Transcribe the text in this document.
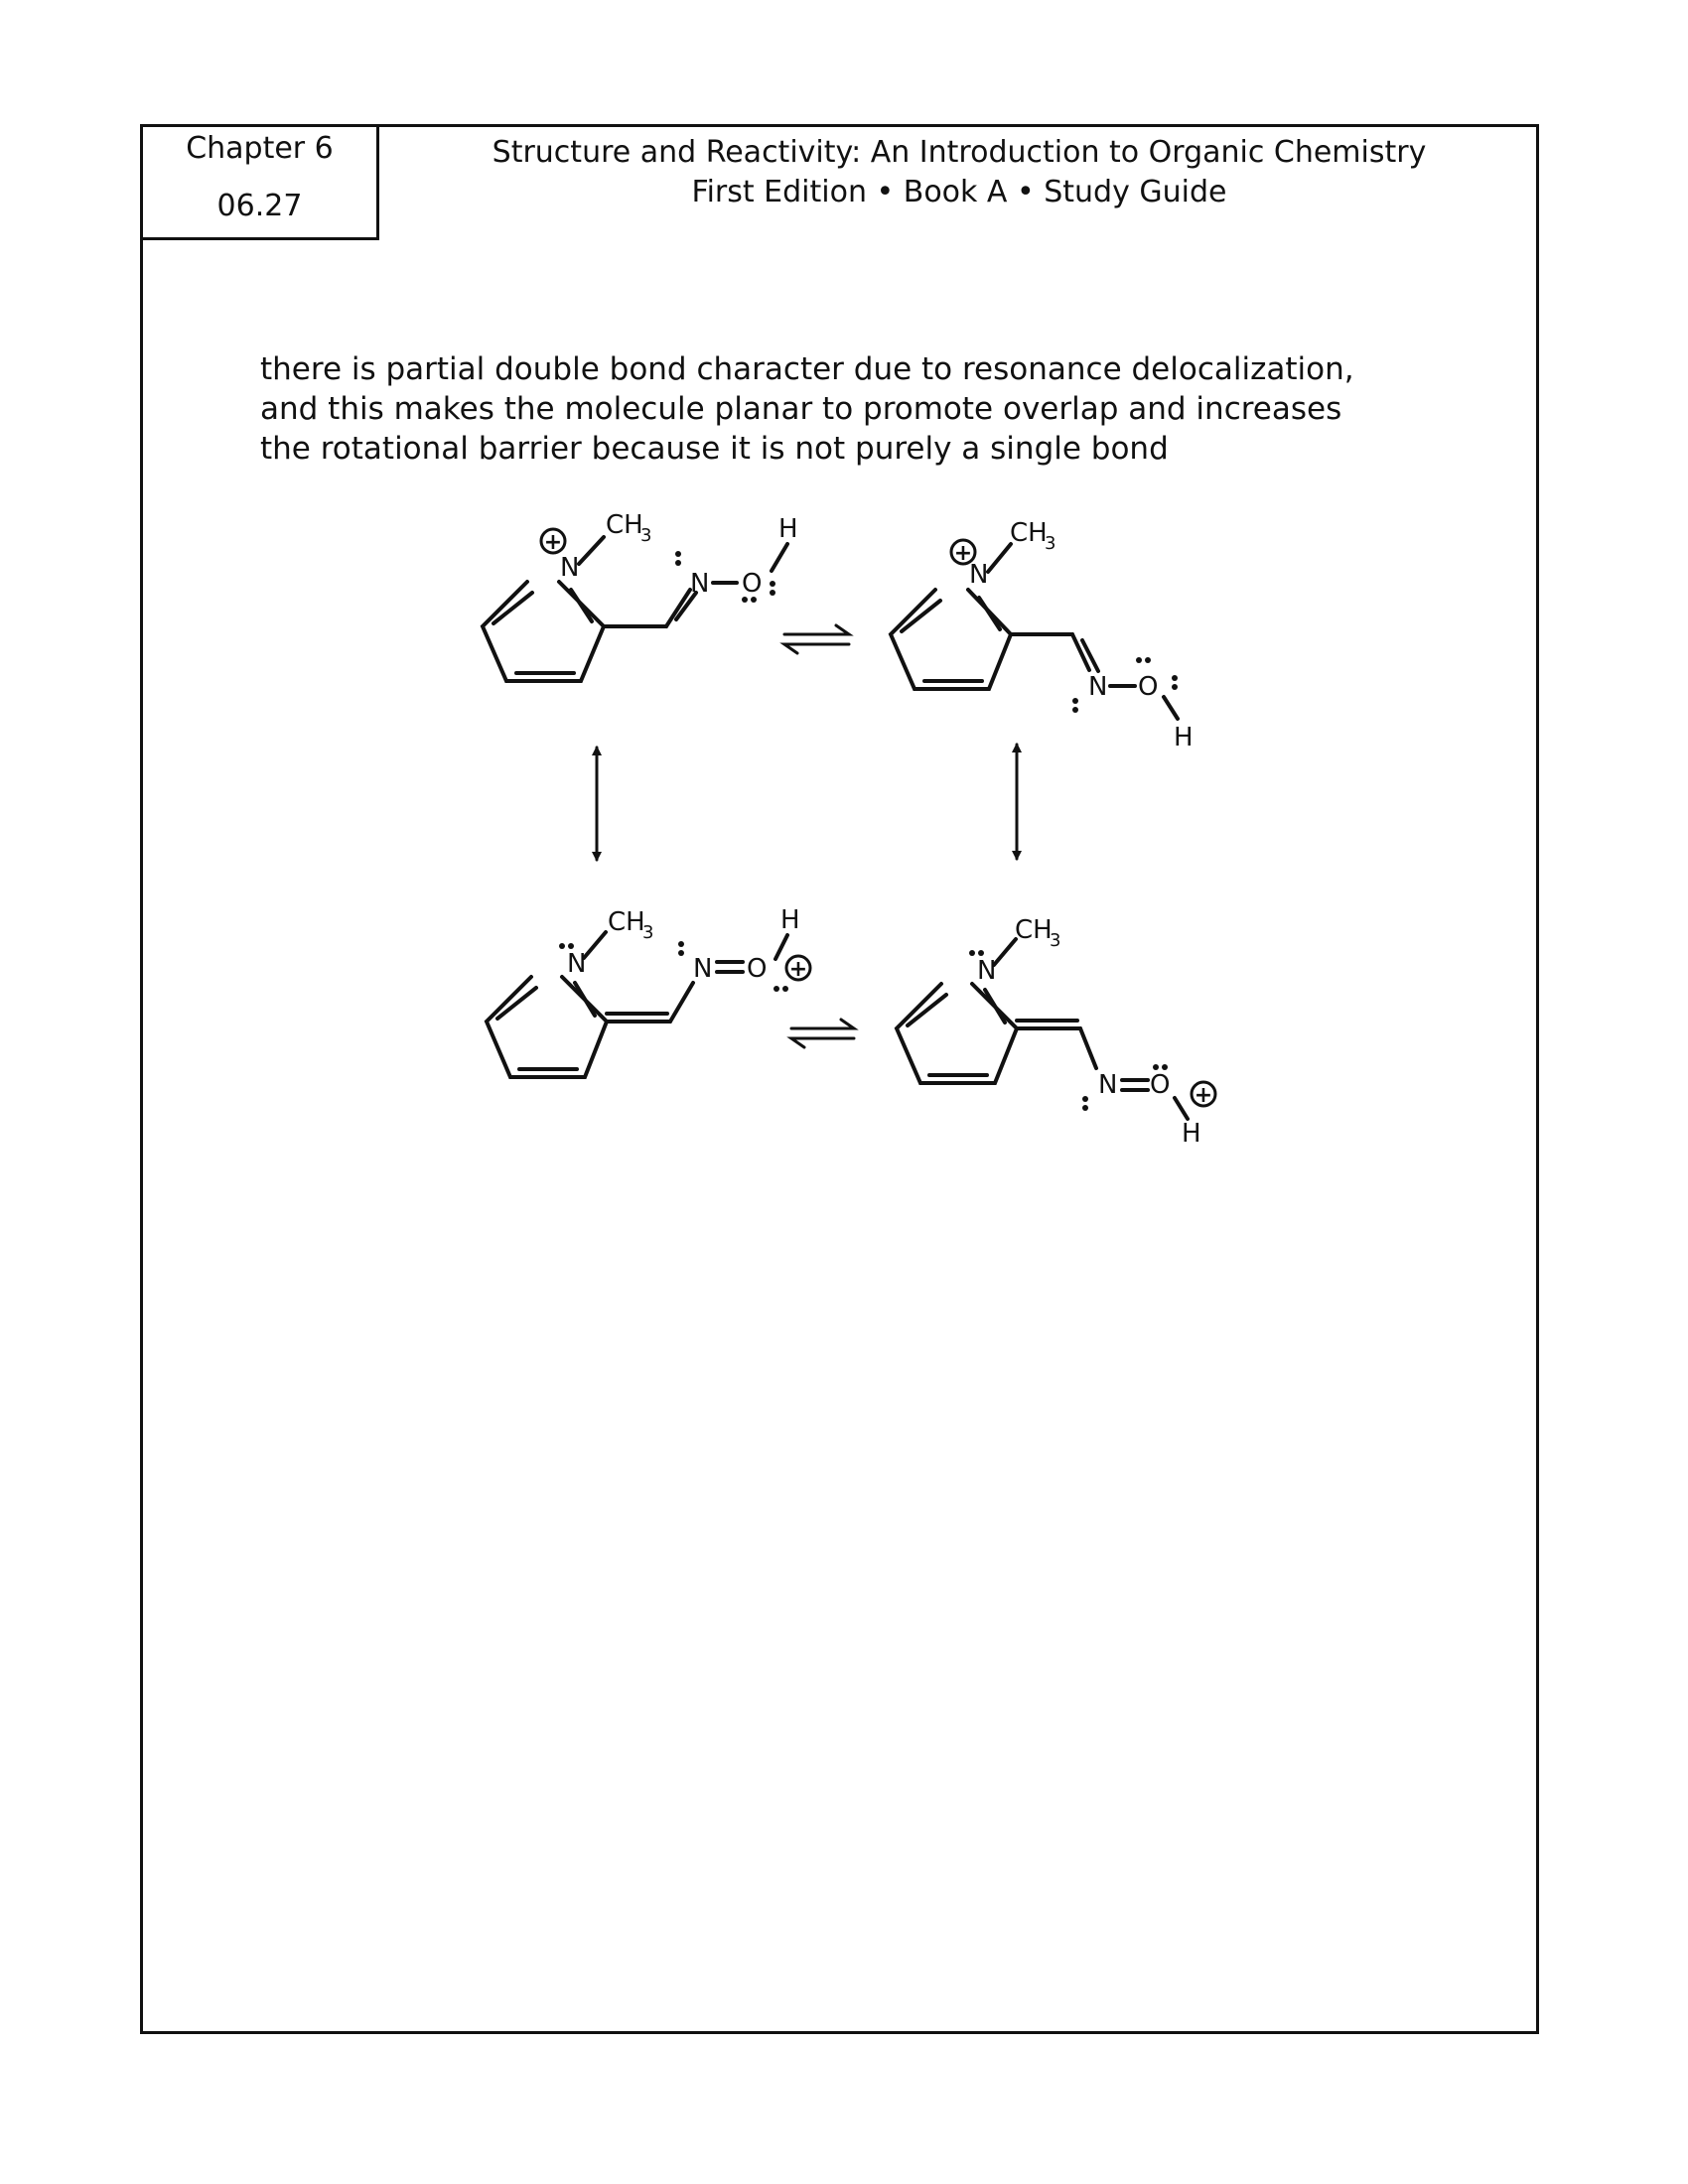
Chapter 6
06.27
Structure and Reactivity: An Introduction to Organic Chemistry
First Edition • Book A • Study Guide

there is partial double bond character due to resonance delocalization,

and this makes the molecule planar to promote overlap and increases

the rotational barrier because it is not purely a single bond

N
CH
3
N O
H
+
N
CH
3
N O
H
+
N
CH
3
N O
H
+	N
CH
3
N O
H
+
